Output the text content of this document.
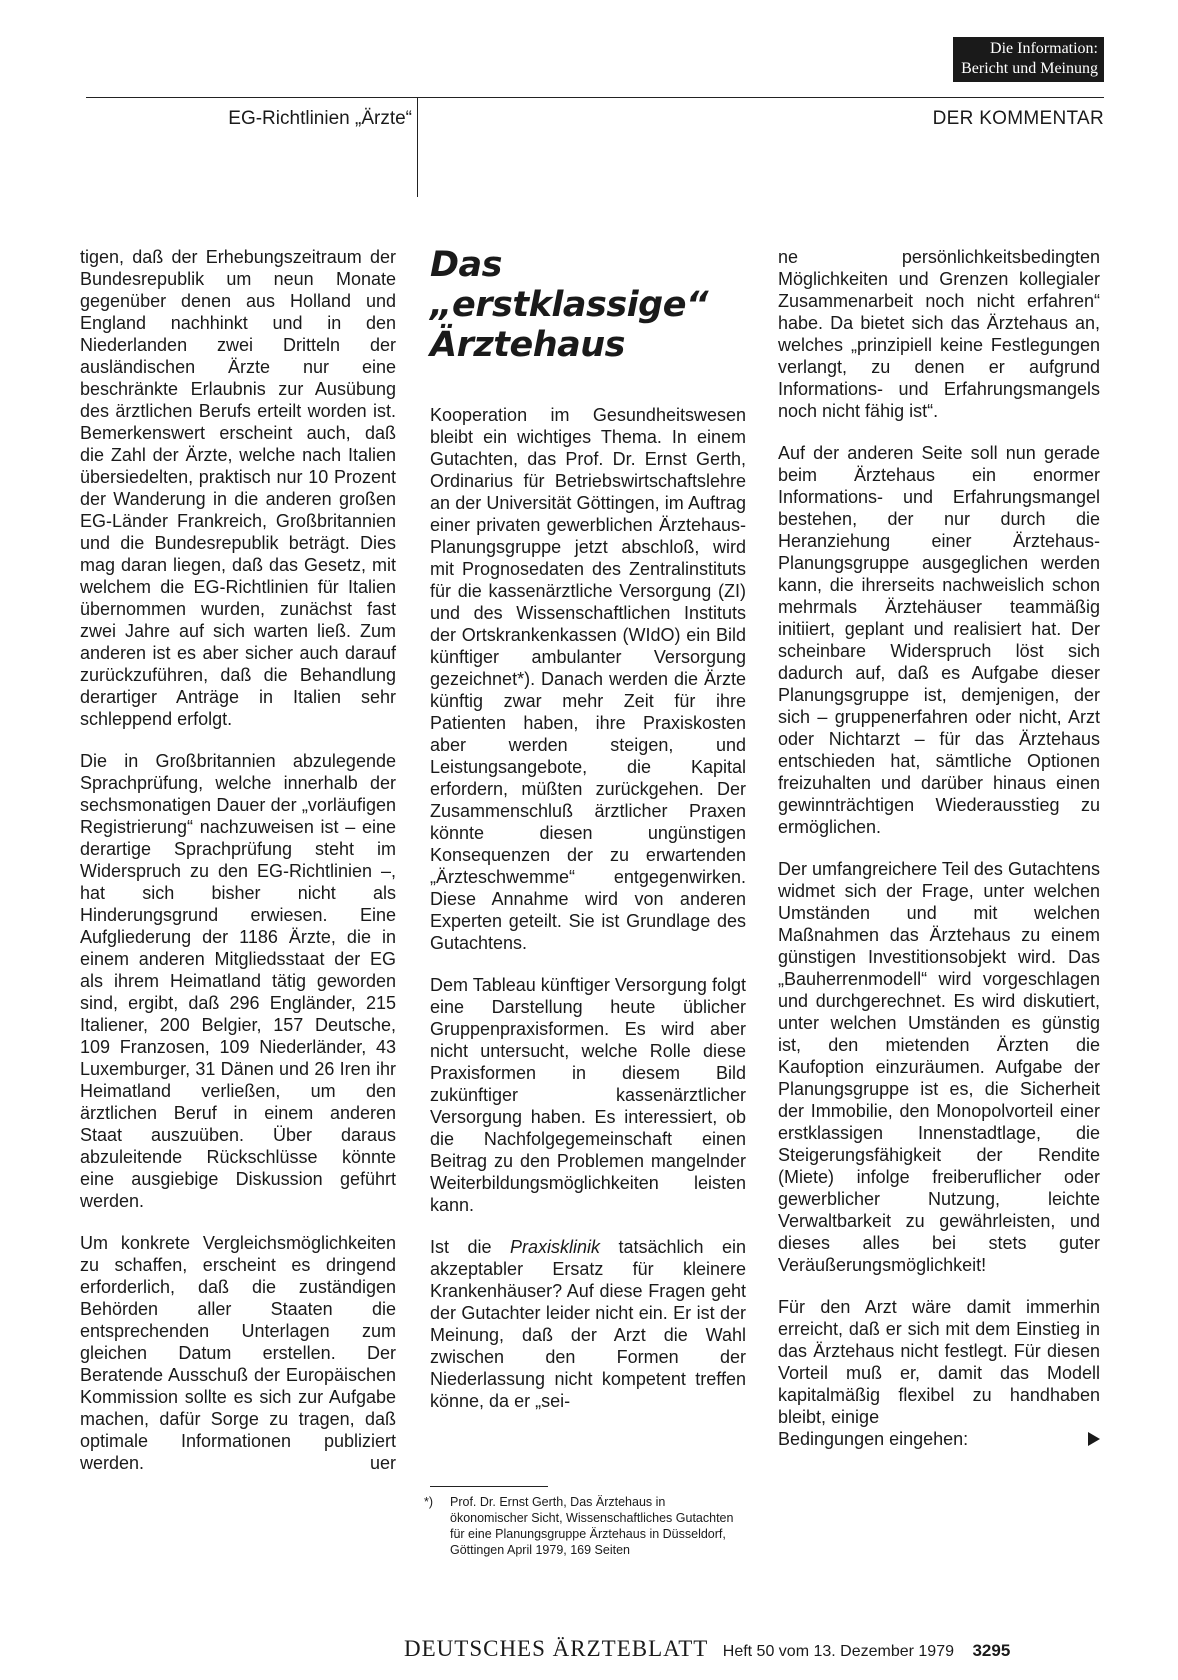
Die Information:
Bericht und Meinung
EG-Richtlinien „Ärzte“	DER KOMMENTAR

tigen, daß der Erhebungszeitraum der Bundesrepublik um neun Monate gegenüber denen aus Holland und England nachhinkt und in den Niederlanden zwei Dritteln der ausländischen Ärzte nur eine beschränkte Erlaubnis zur Ausübung des ärztlichen Berufs erteilt worden ist. Bemerkenswert erscheint auch, daß die Zahl der Ärzte, welche nach Italien übersiedelten, praktisch nur 10 Prozent der Wanderung in die anderen großen EG-Länder Frankreich, Großbritannien und die Bundesrepublik beträgt. Dies mag daran liegen, daß das Gesetz, mit welchem die EG-Richtlinien für Italien übernommen wurden, zunächst fast zwei Jahre auf sich warten ließ. Zum anderen ist es aber sicher auch darauf zurückzuführen, daß die Behandlung derartiger Anträge in Italien sehr schleppend erfolgt.

Die in Großbritannien abzulegende Sprachprüfung, welche innerhalb der sechsmonatigen Dauer der „vorläufigen Registrierung“ nachzuweisen ist – eine derartige Sprachprüfung steht im Widerspruch zu den EG-Richtlinien –, hat sich bisher nicht als Hinderungsgrund erwiesen. Eine Aufgliederung der 1186 Ärzte, die in einem anderen Mitgliedsstaat der EG als ihrem Heimatland tätig geworden sind, ergibt, daß 296 Engländer, 215 Italiener, 200 Belgier, 157 Deutsche, 109 Franzosen, 109 Niederländer, 43 Luxemburger, 31 Dänen und 26 Iren ihr Heimatland verließen, um den ärztlichen Beruf in einem anderen Staat auszuüben. Über daraus abzuleitende Rückschlüsse könnte eine ausgiebige Diskussion geführt werden.

Um konkrete Vergleichsmöglichkeiten zu schaffen, erscheint es dringend erforderlich, daß die zuständigen Behörden aller Staaten die entsprechenden Unterlagen zum gleichen Datum erstellen. Der Beratende Ausschuß der Europäischen Kommission sollte es sich zur Aufgabe machen, dafür Sorge zu tragen, daß optimale Informationen publiziert werden.	uer

Das
„erstklassige“
Ärztehaus

Kooperation im Gesundheitswesen bleibt ein wichtiges Thema. In einem Gutachten, das Prof. Dr. Ernst Gerth, Ordinarius für Betriebswirtschaftslehre an der Universität Göttingen, im Auftrag einer privaten gewerblichen Ärztehaus-Planungsgruppe jetzt abschloß, wird mit Prognosedaten des Zentralinstituts für die kassenärztliche Versorgung (ZI) und des Wissenschaftlichen Instituts der Ortskrankenkassen (WIdO) ein Bild künftiger ambulanter Versorgung gezeichnet*). Danach werden die Ärzte künftig zwar mehr Zeit für ihre Patienten haben, ihre Praxiskosten aber werden steigen, und Leistungsangebote, die Kapital erfordern, müßten zurückgehen. Der Zusammenschluß ärztlicher Praxen könnte diesen ungünstigen Konsequenzen der zu erwartenden „Ärzteschwemme“ entgegenwirken. Diese Annahme wird von anderen Experten geteilt. Sie ist Grundlage des Gutachtens.

Dem Tableau künftiger Versorgung folgt eine Darstellung heute üblicher Gruppenpraxisformen. Es wird aber nicht untersucht, welche Rolle diese Praxisformen in diesem Bild zukünftiger kassenärztlicher Versorgung haben. Es interessiert, ob die Nachfolgegemeinschaft einen Beitrag zu den Problemen mangelnder Weiterbildungsmöglichkeiten leisten kann.

Ist die Praxisklinik tatsächlich ein akzeptabler Ersatz für kleinere Krankenhäuser? Auf diese Fragen geht der Gutachter leider nicht ein. Er ist der Meinung, daß der Arzt die Wahl zwischen den Formen der Niederlassung nicht kompetent treffen könne, da er „sei-

*) Prof. Dr. Ernst Gerth, Das Ärztehaus in ökonomischer Sicht, Wissenschaftliches Gutachten für eine Planungsgruppe Ärztehaus in Düsseldorf, Göttingen April 1979, 169 Seiten

ne persönlichkeitsbedingten Möglichkeiten und Grenzen kollegialer Zusammenarbeit noch nicht erfahren“ habe. Da bietet sich das Ärztehaus an, welches „prinzipiell keine Festlegungen verlangt, zu denen er aufgrund Informations- und Erfahrungsmangels noch nicht fähig ist“.

Auf der anderen Seite soll nun gerade beim Ärztehaus ein enormer Informations- und Erfahrungsmangel bestehen, der nur durch die Heranziehung einer Ärztehaus-Planungsgruppe ausgeglichen werden kann, die ihrerseits nachweislich schon mehrmals Ärztehäuser teammäßig initiiert, geplant und realisiert hat. Der scheinbare Widerspruch löst sich dadurch auf, daß es Aufgabe dieser Planungsgruppe ist, demjenigen, der sich – gruppenerfahren oder nicht, Arzt oder Nichtarzt – für das Ärztehaus entschieden hat, sämtliche Optionen freizuhalten und darüber hinaus einen gewinnträchtigen Wiederausstieg zu ermöglichen.

Der umfangreichere Teil des Gutachtens widmet sich der Frage, unter welchen Umständen und mit welchen Maßnahmen das Ärztehaus zu einem günstigen Investitionsobjekt wird. Das „Bauherrenmodell“ wird vorgeschlagen und durchgerechnet. Es wird diskutiert, unter welchen Umständen es günstig ist, den mietenden Ärzten die Kaufoption einzuräumen. Aufgabe der Planungsgruppe ist es, die Sicherheit der Immobilie, den Monopolvorteil einer erstklassigen Innenstadtlage, die Steigerungsfähigkeit der Rendite (Miete) infolge freiberuflicher oder gewerblicher Nutzung, leichte Verwaltbarkeit zu gewährleisten, und dieses alles bei stets guter Veräußerungsmöglichkeit!

Für den Arzt wäre damit immerhin erreicht, daß er sich mit dem Einstieg in das Ärztehaus nicht festlegt. Für diesen Vorteil muß er, damit das Modell kapitalmäßig flexibel zu handhaben bleibt, einige
Bedingungen eingehen:

DEUTSCHES ÄRZTEBLATT Heft 50 vom 13. Dezember 1979 3295
